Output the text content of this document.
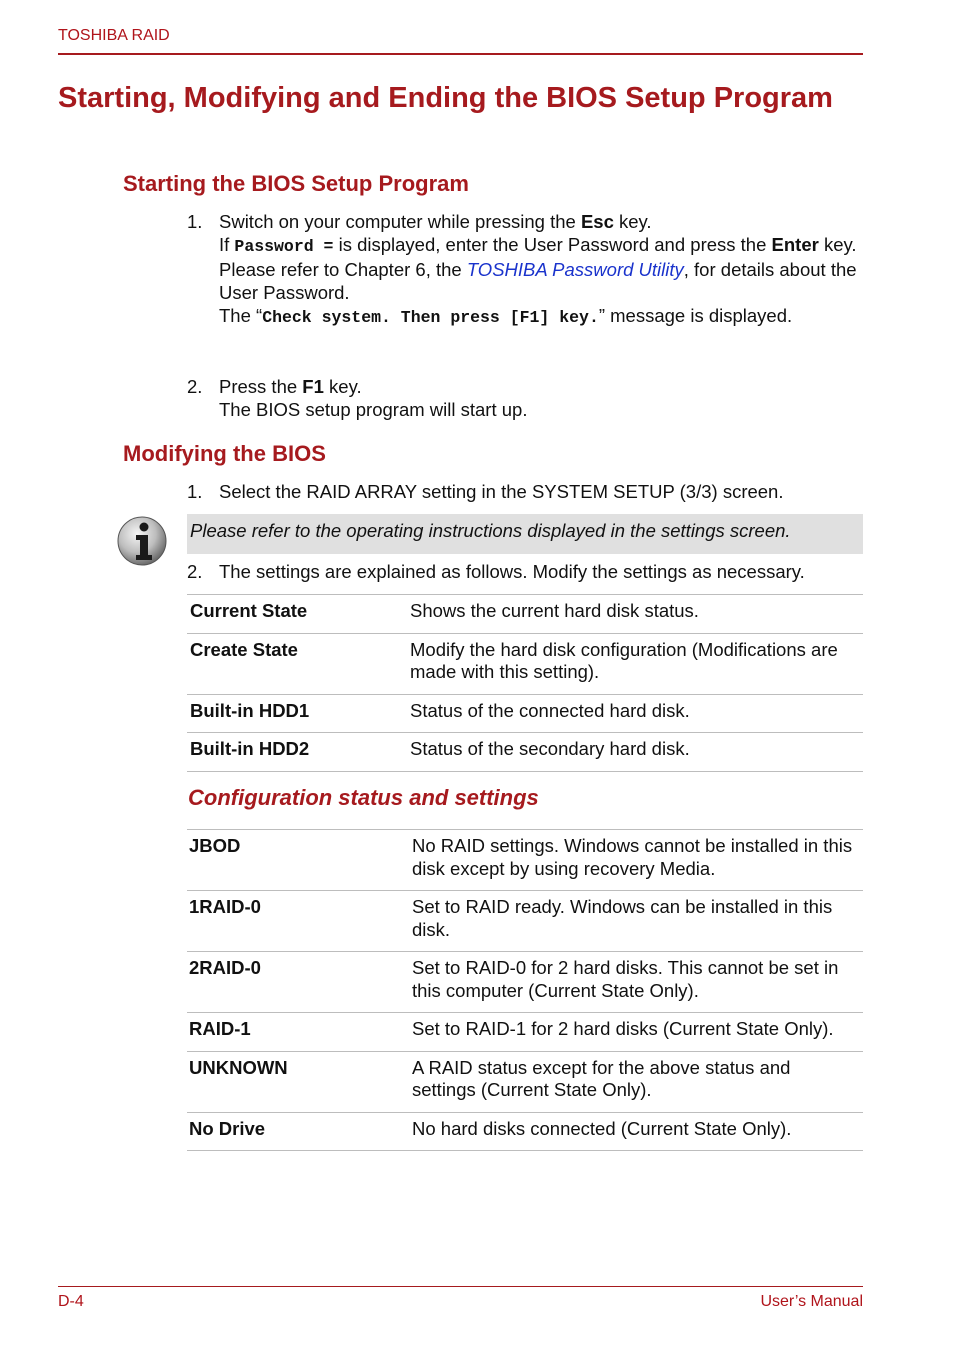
TOSHIBA RAID
Starting, Modifying and Ending the BIOS Setup Program
Starting the BIOS Setup Program
1. Switch on your computer while pressing the Esc key.
If Password = is displayed, enter the User Password and press the Enter key.
Please refer to Chapter 6, the TOSHIBA Password Utility, for details about the User Password.
The “Check system. Then press [F1] key.” message is displayed.
2. Press the F1 key.
The BIOS setup program will start up.
Modifying the BIOS
1. Select the RAID ARRAY setting in the SYSTEM SETUP (3/3) screen.
Please refer to the operating instructions displayed in the settings screen.
2. The settings are explained as follows. Modify the settings as necessary.
Current State	Shows the current hard disk status.
Create State	Modify the hard disk configuration (Modifications are made with this setting).
Built-in HDD1	Status of the connected hard disk.
Built-in HDD2	Status of the secondary hard disk.
Configuration status and settings
JBOD	No RAID settings. Windows cannot be installed in this disk except by using recovery Media.
1RAID-0	Set to RAID ready. Windows can be installed in this disk.
2RAID-0	Set to RAID-0 for 2 hard disks. This cannot be set in this computer (Current State Only).
RAID-1	Set to RAID-1 for 2 hard disks (Current State Only).
UNKNOWN	A RAID status except for the above status and settings (Current State Only).
No Drive	No hard disks connected (Current State Only).
D-4	User’s Manual
